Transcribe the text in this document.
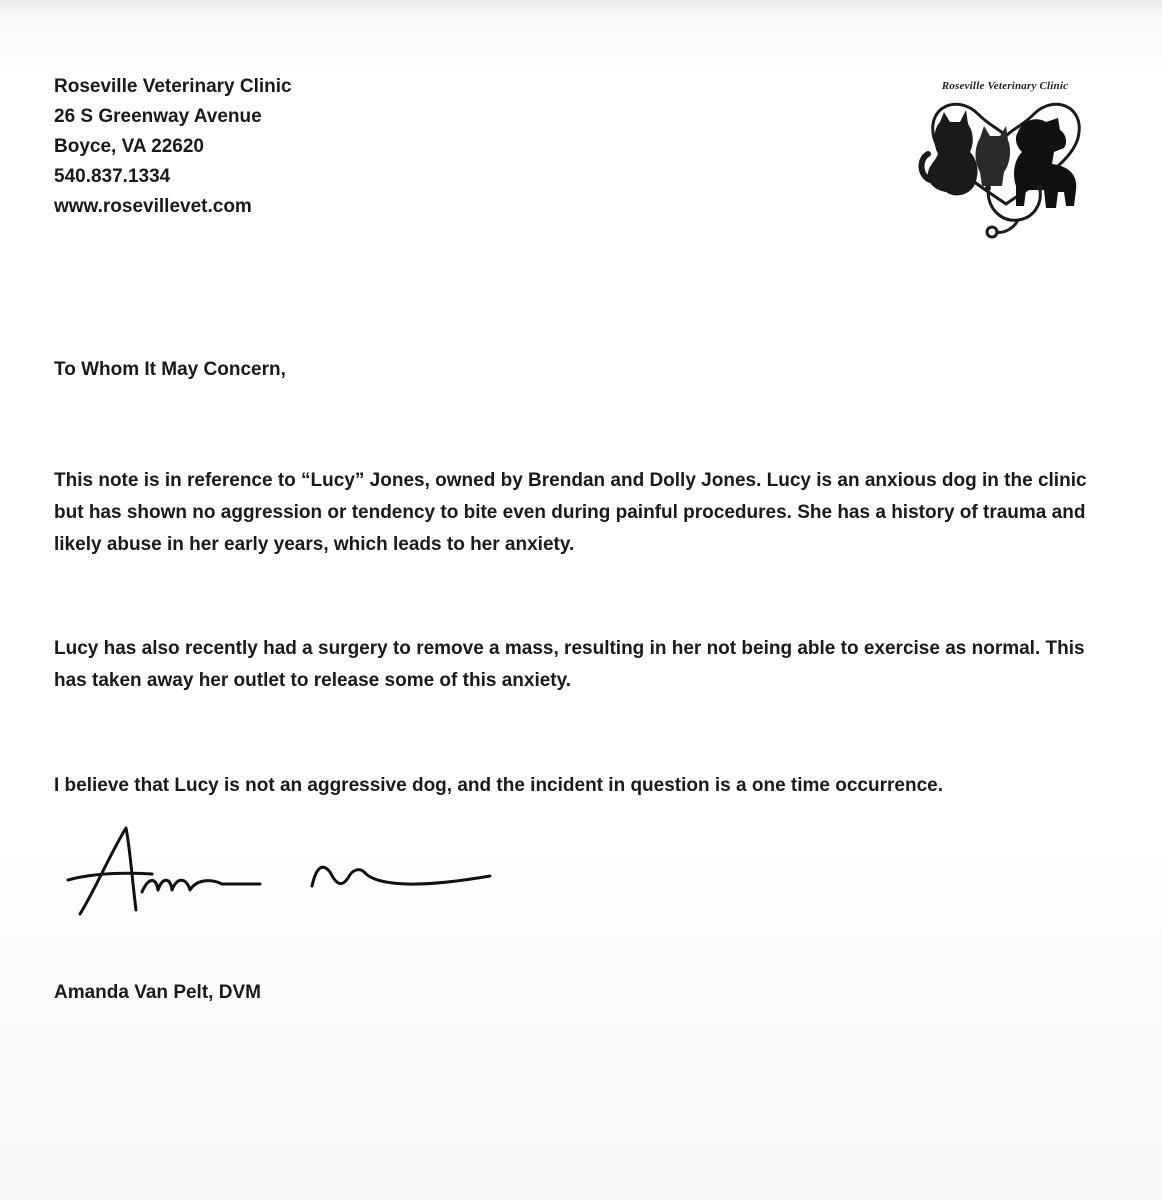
Roseville Veterinary Clinic
26 S Greenway Avenue
Boyce, VA 22620
540.837.1334
www.rosevillevet.com
Roseville Veterinary Clinic
To Whom It May Concern,
This note is in reference to “Lucy” Jones, owned by Brendan and Dolly Jones. Lucy is an anxious dog in the clinic but has shown no aggression or tendency to bite even during painful procedures. She has a history of trauma and likely abuse in her early years, which leads to her anxiety.
Lucy has also recently had a surgery to remove a mass, resulting in her not being able to exercise as normal. This has taken away her outlet to release some of this anxiety.
I believe that Lucy is not an aggressive dog, and the incident in question is a one time occurrence.
Amanda Van Pelt, DVM
